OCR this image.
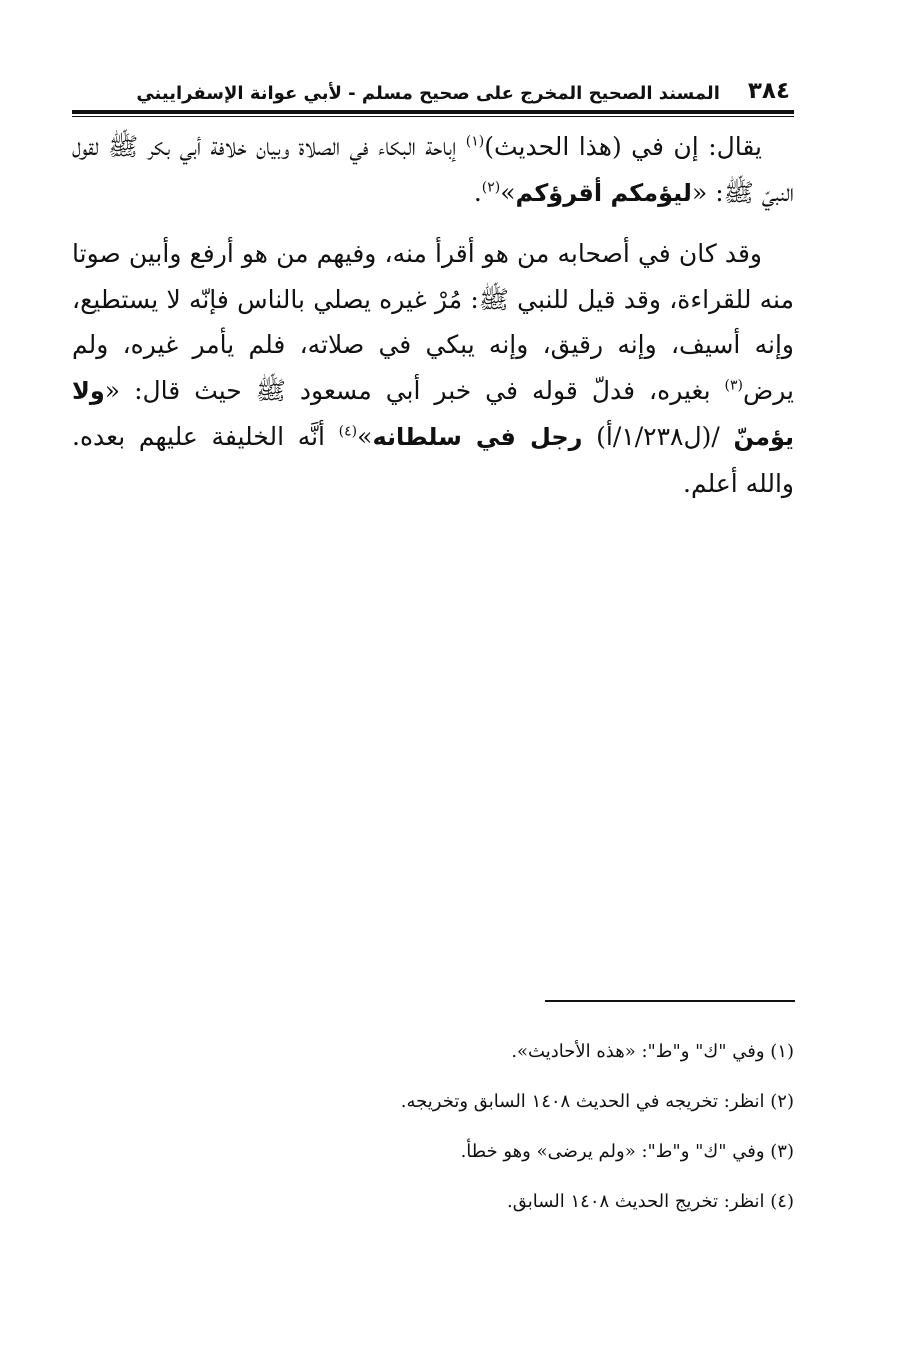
٣٨٤
المسند الصحيح المخرج على صحيح مسلم - لأبي عوانة الإسفراييني

يقال: إن في (هذا الحديث)$^{(١)}$ إباحة البكاء في الصلاة وبيان خلافة أبي بكر ﷺ لقول النبيّ ﷺ: «ليؤمكم أقرؤكم»$^{(٢)}$.

وقد كان في أصحابه من هو أقرأ منه، وفيهم من هو أرفع وأبين صوتا منه للقراءة، وقد قيل للنبي ﷺ: مُرْ غيره يصلي بالناس فإنّه لا يستطيع، وإنه أسيف، وإنه رقيق، وإنه يبكي في صلاته، فلم يأمر غيره، ولم يرض$^{(٣)}$ بغيره، فدلّ قوله في خبر أبي مسعود ﷺ حيث قال: «ولا يؤمنّ /(ل١/٢٣٨/أ) رجل في سلطانه»$^{(٤)}$ أنَّه الخليفة عليهم بعده. والله أعلم.

(١) وفي "ك" و"ط": «هذه الأحاديث».
(٢) انظر: تخريجه في الحديث ١٤٠٨ السابق وتخريجه.
(٣) وفي "ك" و"ط": «ولم يرضى» وهو خطأ.
(٤) انظر: تخريج الحديث ١٤٠٨ السابق.
